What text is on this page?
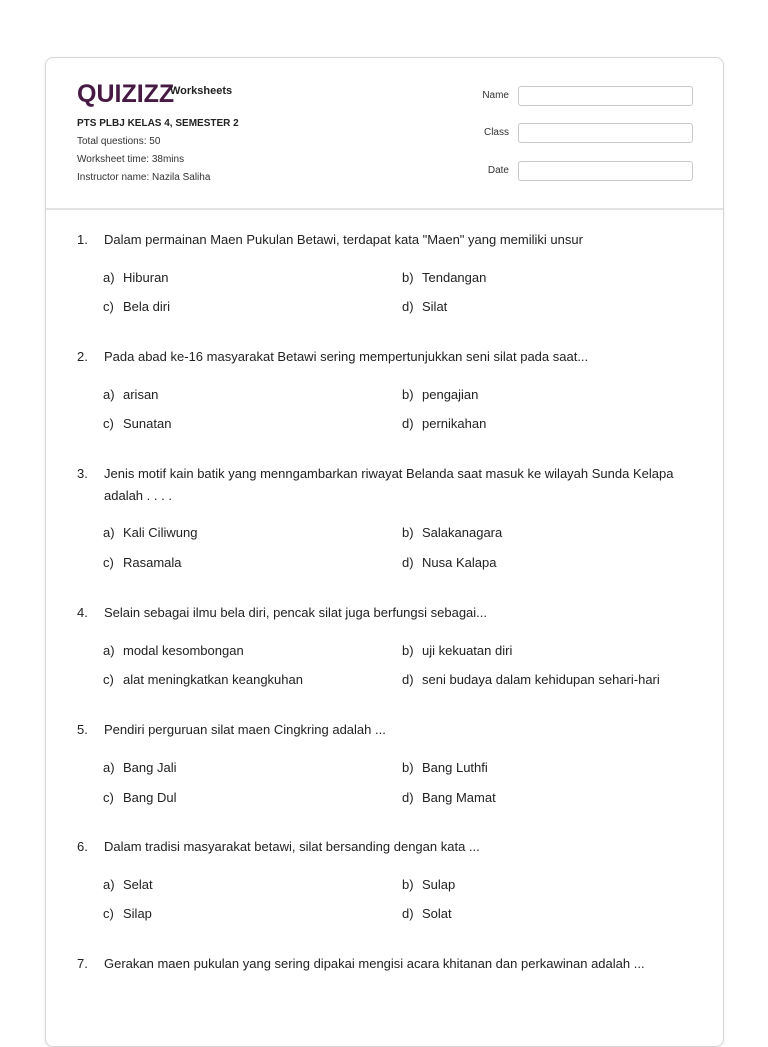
QUIZIZZ
Worksheets
PTS PLBJ KELAS 4, SEMESTER 2
Total questions: 50
Worksheet time: 38mins
Instructor name: Nazila Saliha
Name
Class
Date
1.	Dalam permainan Maen Pukulan Betawi, terdapat kata "Maen" yang memiliki unsur
a) Hiburan	b) Tendangan
c) Bela diri	d) Silat
2.	Pada abad ke-16 masyarakat Betawi sering mempertunjukkan seni silat pada saat...
a) arisan	b) pengajian
c) Sunatan	d) pernikahan
3.	Jenis motif kain batik yang menngambarkan riwayat Belanda saat masuk ke wilayah Sunda Kelapa adalah . . . .
a) Kali Ciliwung	b) Salakanagara
c) Rasamala	d) Nusa Kalapa
4.	Selain sebagai ilmu bela diri, pencak silat juga berfungsi sebagai...
a) modal kesombongan	b) uji kekuatan diri
c) alat meningkatkan keangkuhan	d) seni budaya dalam kehidupan sehari-hari
5.	Pendiri perguruan silat maen Cingkring adalah ...
a) Bang Jali	b) Bang Luthfi
c) Bang Dul	d) Bang Mamat
6.	Dalam tradisi masyarakat betawi, silat bersanding dengan kata ...
a) Selat	b) Sulap
c) Silap	d) Solat
7.	Gerakan maen pukulan yang sering dipakai mengisi acara khitanan dan perkawinan adalah ...
